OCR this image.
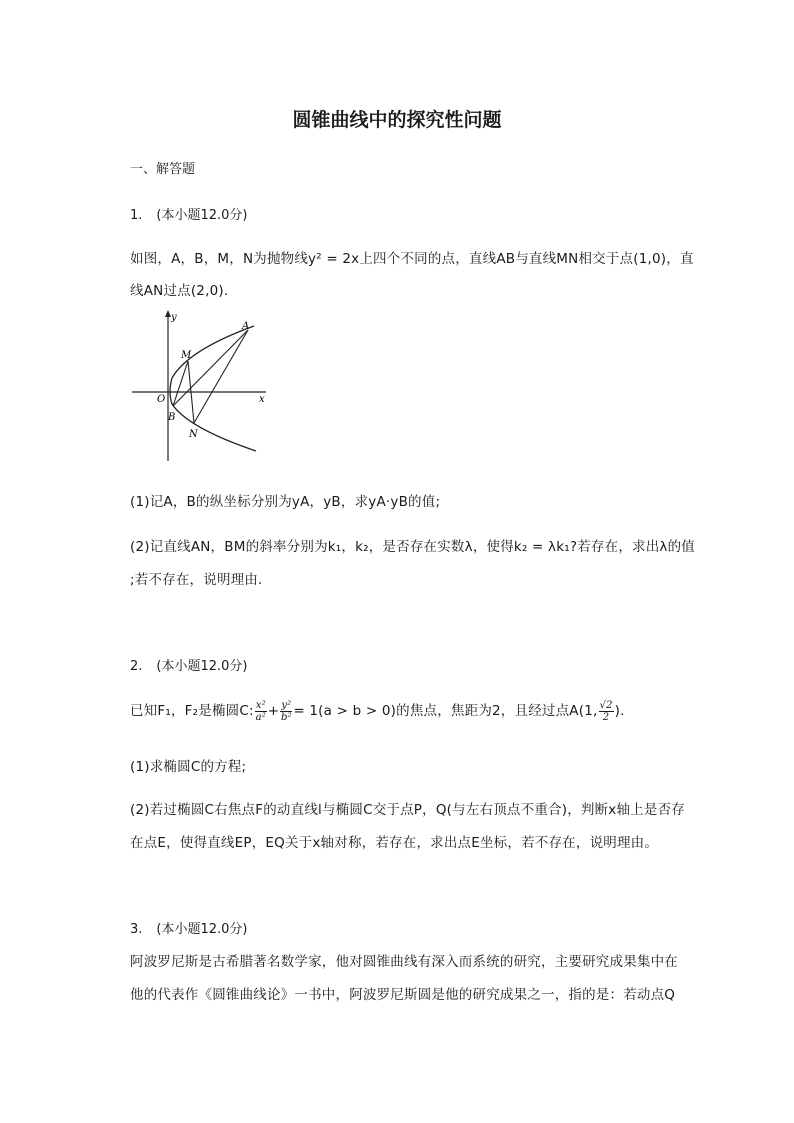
圆锥曲线中的探究性问题
一、解答题
1. (本小题12.0分)
如图，A，B，M，N为抛物线y² = 2x上四个不同的点，直线AB与直线MN相交于点(1,0)，直
线AN过点(2,0).
y
x
O
A
M
B
N
(1)记A，B的纵坐标分别为yA，yB，求yA·yB的值;
(2)记直线AN，BM的斜率分别为k₁，k₂，是否存在实数λ，使得k₂ = λk₁?若存在，求出λ的值
;若不存在，说明理由.
2. (本小题12.0分)
已知F₁，F₂是椭圆C: $\frac{\text{x²}}{\text{a²}} + \frac{\text{y²}}{\text{b²}} = 1(a > b > 0)$的焦点，焦距为2，且经过点A(1, $\frac{√2}{2}$ ).
(1)求椭圆C的方程;
(2)若过椭圆C右焦点F的动直线l与椭圆C交于点P，Q(与左右顶点不重合)，判断x轴上是否存
在点E，使得直线EP，EQ关于x轴对称，若存在，求出点E坐标，若不存在，说明理由。
3. (本小题12.0分)
阿波罗尼斯是古希腊著名数学家，他对圆锥曲线有深入而系统的研究，主要研究成果集中在
他的代表作《圆锥曲线论》一书中，阿波罗尼斯圆是他的研究成果之一，指的是：若动点Q
